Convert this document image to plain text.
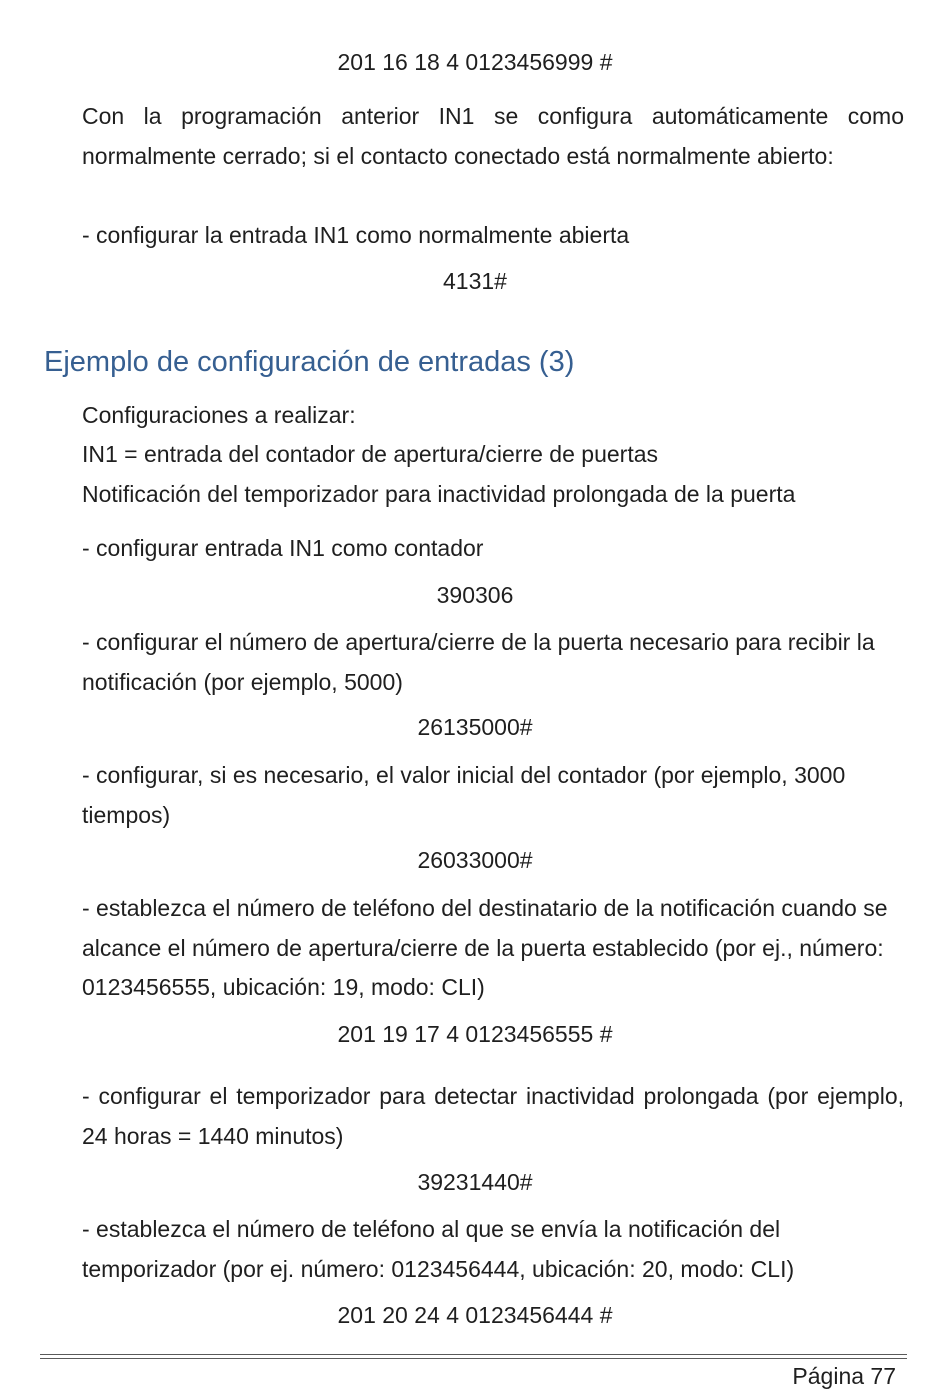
201 16 18 4 0123456999 #

Con la programación anterior IN1 se configura automáticamente como normalmente cerrado; si el contacto conectado está normalmente abierto:

- configurar la entrada IN1 como normalmente abierta

4131#

Ejemplo de configuración de entradas (3)

Configuraciones a realizar:

IN1 = entrada del contador de apertura/cierre de puertas

Notificación del temporizador para inactividad prolongada de la puerta

- configurar entrada IN1 como contador

390306

- configurar el número de apertura/cierre de la puerta necesario para recibir la notificación (por ejemplo, 5000)

26135000#

- configurar, si es necesario, el valor inicial del contador (por ejemplo, 3000 tiempos)

26033000#

- establezca el número de teléfono del destinatario de la notificación cuando se alcance el número de apertura/cierre de la puerta establecido (por ej., número: 0123456555, ubicación: 19, modo: CLI)

201 19 17 4 0123456555 #

- configurar el temporizador para detectar inactividad prolongada (por ejemplo, 24 horas = 1440 minutos)

39231440#

- establezca el número de teléfono al que se envía la notificación del temporizador (por ej. número: 0123456444, ubicación: 20, modo: CLI)

201 20 24 4 0123456444 #

Página 77
